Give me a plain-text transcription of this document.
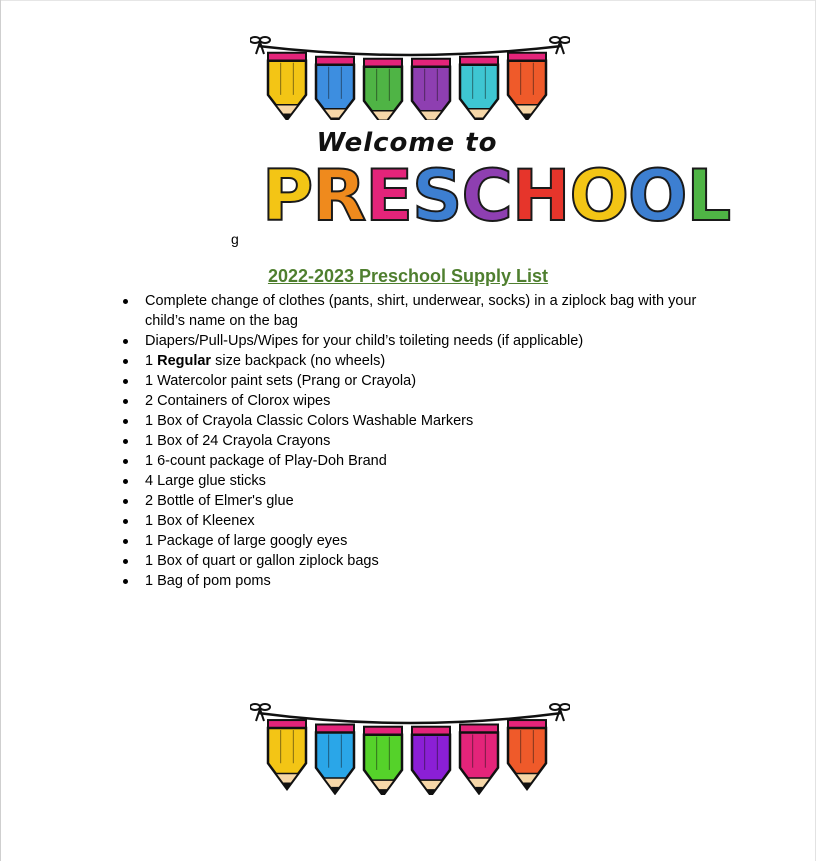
Welcome to
PRESCHOOL
g
2022-2023 Preschool Supply List
Complete change of clothes (pants, shirt, underwear, socks) in a ziplock bag with your child’s name on the bag
Diapers/Pull-Ups/Wipes for your child’s toileting needs (if applicable)
1 Regular size backpack (no wheels)
1 Watercolor paint sets (Prang or Crayola)
2 Containers of Clorox wipes
1 Box of Crayola Classic Colors Washable Markers
1 Box of 24 Crayola Crayons
1 6-count package of Play-Doh Brand
4 Large glue sticks
2 Bottle of Elmer's glue
1 Box of Kleenex
1 Package of large googly eyes
1 Box of quart or gallon ziplock bags
1 Bag of pom poms
